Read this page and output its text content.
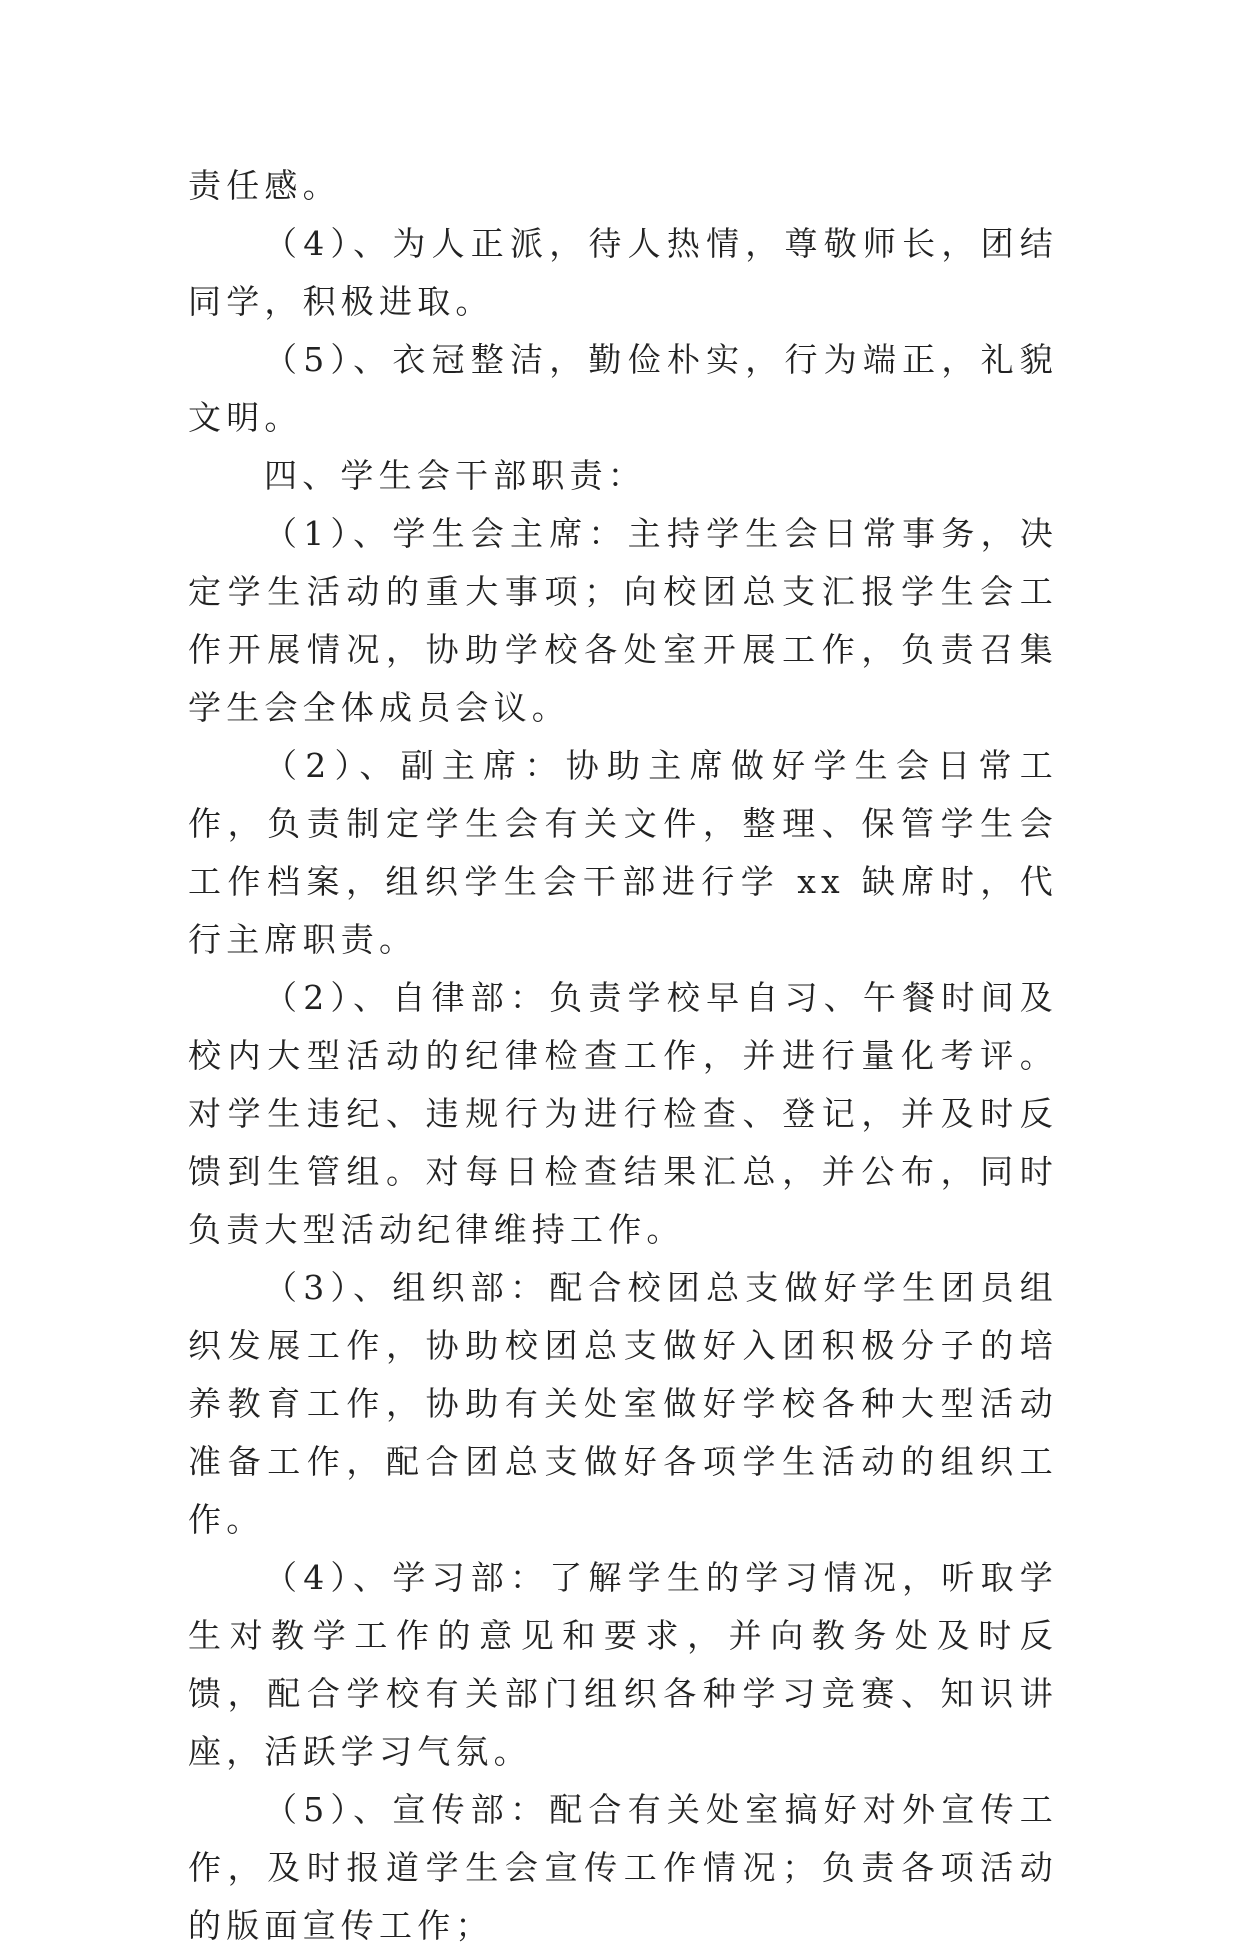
责任感。

（4）、为人正派，待人热情，尊敬师长，团结同学，积极进取。

（5）、衣冠整洁，勤俭朴实，行为端正，礼貌文明。

四、学生会干部职责：

（1）、学生会主席：主持学生会日常事务，决定学生活动的重大事项；向校团总支汇报学生会工作开展情况，协助学校各处室开展工作，负责召集学生会全体成员会议。

（2）、副主席：协助主席做好学生会日常工作，负责制定学生会有关文件，整理、保管学生会工作档案，组织学生会干部进行学 xx 缺席时，代行主席职责。

（2）、自律部：负责学校早自习、午餐时间及校内大型活动的纪律检查工作，并进行量化考评。对学生违纪、违规行为进行检查、登记，并及时反馈到生管组。对每日检查结果汇总，并公布，同时负责大型活动纪律维持工作。

（3）、组织部：配合校团总支做好学生团员组织发展工作，协助校团总支做好入团积极分子的培养教育工作，协助有关处室做好学校各种大型活动准备工作，配合团总支做好各项学生活动的组织工作。

（4）、学习部：了解学生的学习情况，听取学生对教学工作的意见和要求，并向教务处及时反馈，配合学校有关部门组织各种学习竞赛、知识讲座，活跃学习气氛。

（5）、宣传部：配合有关处室搞好对外宣传工作，及时报道学生会宣传工作情况；负责各项活动的版面宣传工作；
